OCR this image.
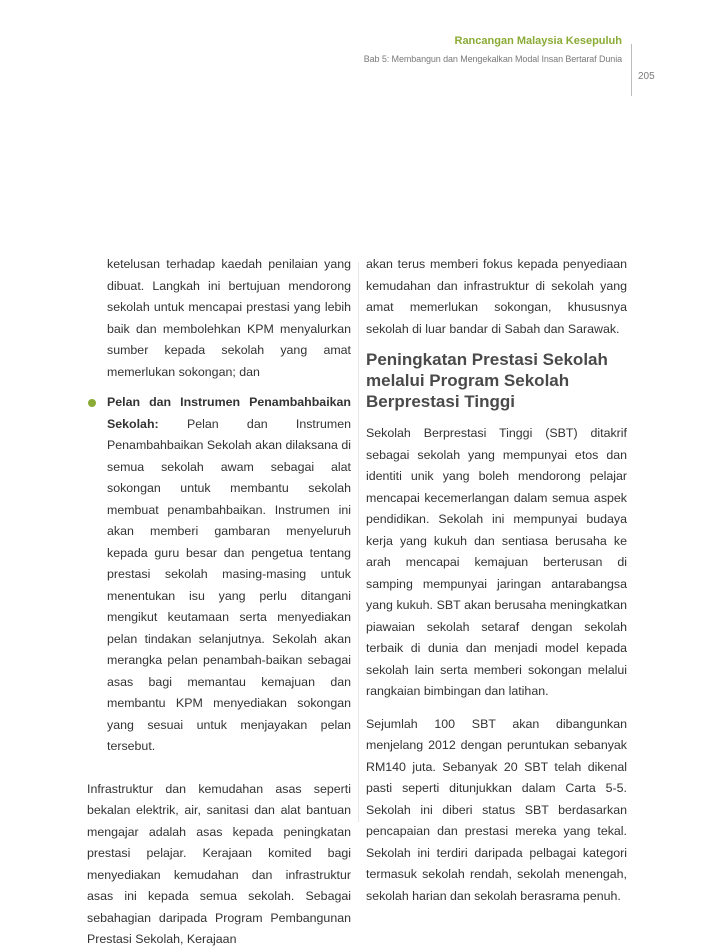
Rancangan Malaysia Kesepuluh
Bab 5: Membangun dan Mengekalkan Modal Insan Bertaraf Dunia
205

ketelusan terhadap kaedah penilaian yang dibuat. Langkah ini bertujuan mendorong sekolah untuk mencapai prestasi yang lebih baik dan membolehkan KPM menyalurkan sumber kepada sekolah yang amat memerlukan sokongan; dan

Pelan dan Instrumen Penambahbaikan Sekolah: Pelan dan Instrumen Penambahbaikan Sekolah akan dilaksana di semua sekolah awam sebagai alat sokongan untuk membantu sekolah membuat penambahbaikan. Instrumen ini akan memberi gambaran menyeluruh kepada guru besar dan pengetua tentang prestasi sekolah masing-masing untuk menentukan isu yang perlu ditangani mengikut keutamaan serta menyediakan pelan tindakan selanjutnya. Sekolah akan merangka pelan penambah-baikan sebagai asas bagi memantau kemajuan dan membantu KPM menyediakan sokongan yang sesuai untuk menjayakan pelan tersebut.

Infrastruktur dan kemudahan asas seperti bekalan elektrik, air, sanitasi dan alat bantuan mengajar adalah asas kepada peningkatan prestasi pelajar. Kerajaan komited bagi menyediakan kemudahan dan infrastruktur asas ini kepada semua sekolah. Sebagai sebahagian daripada Program Pembangunan Prestasi Sekolah, Kerajaan

akan terus memberi fokus kepada penyediaan kemudahan dan infrastruktur di sekolah yang amat memerlukan sokongan, khususnya sekolah di luar bandar di Sabah dan Sarawak.

Peningkatan Prestasi Sekolah melalui Program Sekolah Berprestasi Tinggi

Sekolah Berprestasi Tinggi (SBT) ditakrif sebagai sekolah yang mempunyai etos dan identiti unik yang boleh mendorong pelajar mencapai kecemerlangan dalam semua aspek pendidikan. Sekolah ini mempunyai budaya kerja yang kukuh dan sentiasa berusaha ke arah mencapai kemajuan berterusan di samping mempunyai jaringan antarabangsa yang kukuh. SBT akan berusaha meningkatkan piawaian sekolah setaraf dengan sekolah terbaik di dunia dan menjadi model kepada sekolah lain serta memberi sokongan melalui rangkaian bimbingan dan latihan.

Sejumlah 100 SBT akan dibangunkan menjelang 2012 dengan peruntukan sebanyak RM140 juta. Sebanyak 20 SBT telah dikenal pasti seperti ditunjukkan dalam Carta 5-5. Sekolah ini diberi status SBT berdasarkan pencapaian dan prestasi mereka yang tekal. Sekolah ini terdiri daripada pelbagai kategori termasuk sekolah rendah, sekolah menengah, sekolah harian dan sekolah berasrama penuh.
